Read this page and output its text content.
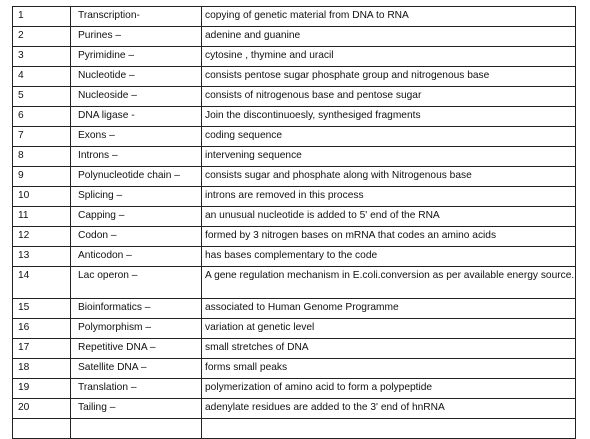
1	Transcription-	copying of genetic material from DNA to RNA
2	Purines –	adenine and guanine
3	Pyrimidine –	cytosine , thymine and uracil
4	Nucleotide –	consists pentose sugar phosphate group and nitrogenous base
5	Nucleoside –	consists of nitrogenous base and pentose sugar
6	DNA ligase -	Join the discontinuoesly, synthesiged fragments
7	Exons –	coding sequence
8	Introns –	intervening sequence
9	Polynucleotide chain –	consists sugar and phosphate along with Nitrogenous base
10	Splicing –	introns are removed in this process
11	Capping –	an unusual nucleotide is added to 5' end of the RNA
12	Codon –	formed by 3 nitrogen bases on mRNA that codes an amino acids
13	Anticodon –	has bases complementary to the code
14	Lac operon –	A gene regulation mechanism in E.coli.conversion as per available energy source.
15	Bioinformatics –	associated to Human Genome Programme
16	Polymorphism –	variation at genetic level
17	Repetitive DNA –	small stretches of DNA
18	Satellite DNA –	forms small peaks
19	Translation –	polymerization of amino acid to form a polypeptide
20	Tailing –	adenylate residues are added to the 3' end of hnRNA
